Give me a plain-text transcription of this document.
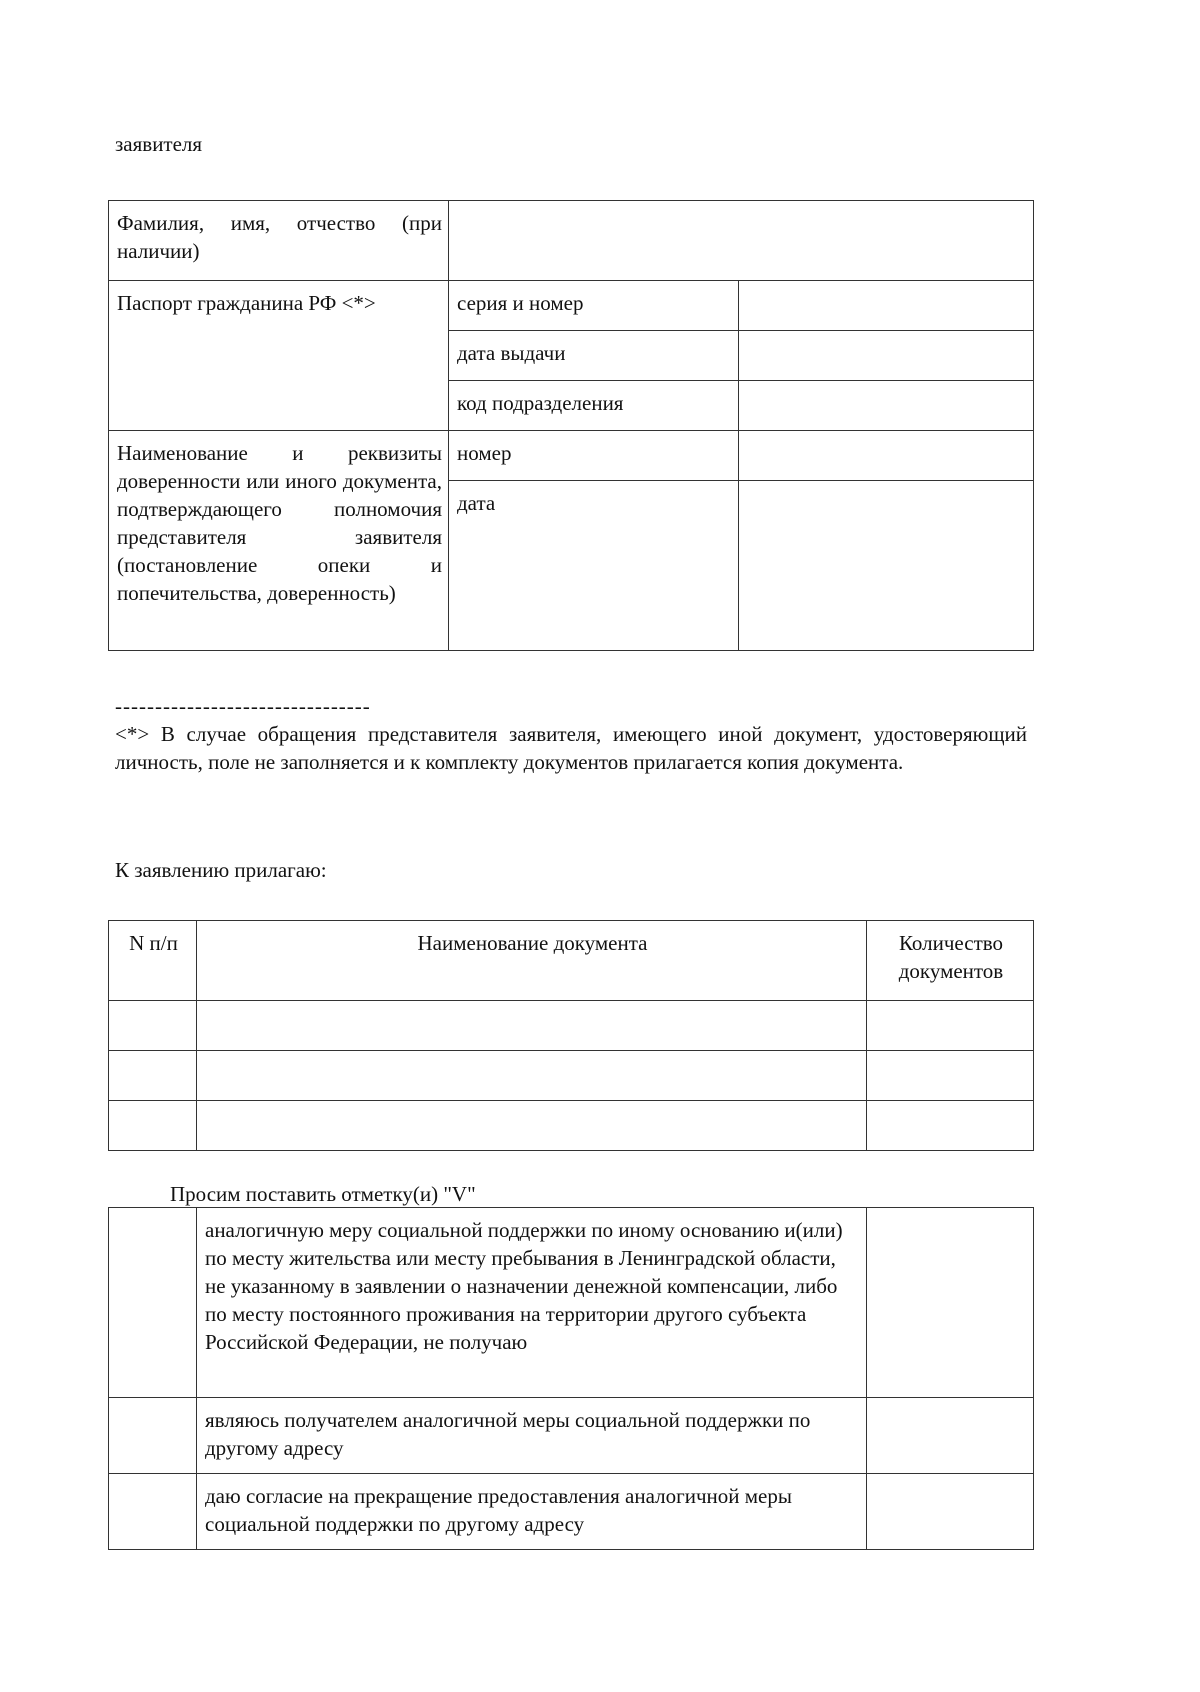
заявителя
Фамилия, имя, отчество (при наличии)		

Паспорт гражданина РФ <*>	серия и номер	

	дата выдачи	

	код подразделения	

Наименование и реквизиты доверенности или иного документа, подтверждающего полномочия представителя заявителя (постановление опеки и попечительства, доверенность)	номер	

	дата	

--------------------------------
<*> В случае обращения представителя заявителя, имеющего иной документ, удостоверяющий личность, поле не заполняется и к комплекту документов прилагается копия документа.
К заявлению прилагаю:
N п/п	Наименование документа	Количество документов

Просим поставить отметку(и) "V"

	аналогичную меру социальной поддержки по иному основанию и(или) по месту жительства или месту пребывания в Ленинградской области, не указанному в заявлении о назначении денежной компенсации, либо по месту постоянного проживания на территории другого субъекта Российской Федерации, не получаю	

	являюсь получателем аналогичной меры социальной поддержки по другому адресу	

	даю согласие на прекращение предоставления аналогичной меры социальной поддержки по другому адресу	
